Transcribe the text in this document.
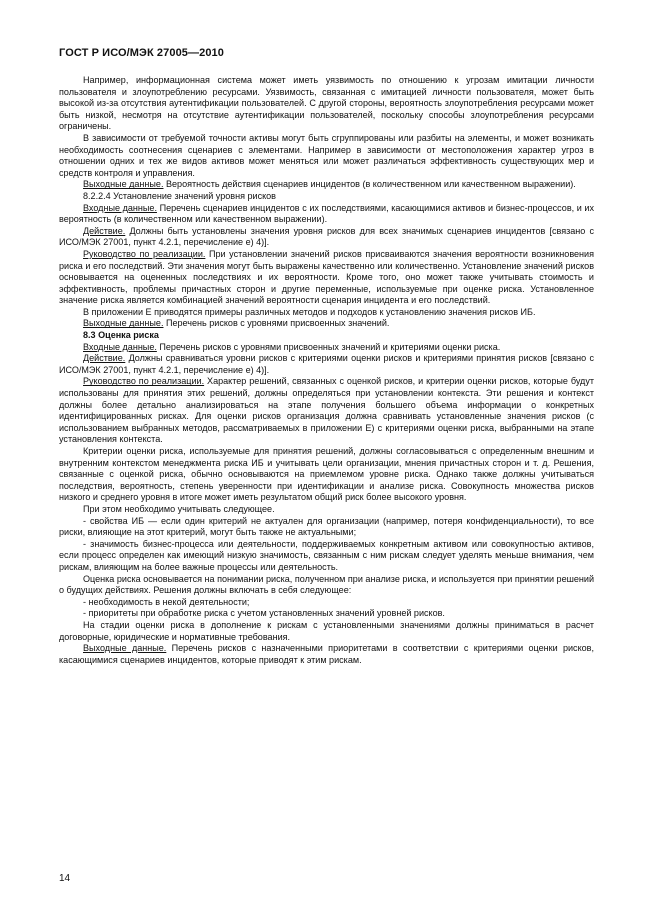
ГОСТ Р ИСО/МЭК 27005—2010

Например, информационная система может иметь уязвимость по отношению к угрозам имитации личности пользователя и злоупотреблению ресурсами. Уязвимость, связанная с имитацией личности пользователя, может быть высокой из-за отсутствия аутентификации пользователей. С другой стороны, вероятность злоупотребления ресурсами может быть низкой, несмотря на отсутствие аутентификации пользователей, поскольку способы злоупотребления ресурсами ограничены.

В зависимости от требуемой точности активы могут быть сгруппированы или разбиты на элементы, и может возникать необходимость соотнесения сценариев с элементами. Например в зависимости от местоположения характер угроз в отношении одних и тех же видов активов может меняться или может различаться эффективность существующих мер и средств контроля и управления.

Выходные данные. Вероятность действия сценариев инцидентов (в количественном или качественном выражении).

8.2.2.4 Установление значений уровня рисков

Входные данные. Перечень сценариев инцидентов с их последствиями, касающимися активов и бизнес-процессов, и их вероятность (в количественном или качественном выражении).

Действие. Должны быть установлены значения уровня рисков для всех значимых сценариев инцидентов [связано с ИСО/МЭК 27001, пункт 4.2.1, перечисление е) 4)].

Руководство по реализации. При установлении значений рисков присваиваются значения вероятности возникновения риска и его последствий. Эти значения могут быть выражены качественно или количественно. Установление значений рисков основывается на оцененных последствиях и их вероятности. Кроме того, оно может также учитывать стоимость и эффективность, проблемы причастных сторон и другие переменные, используемые при оценке риска. Установленное значение риска является комбинацией значений вероятности сценария инцидента и его последствий.

В приложении Е приводятся примеры различных методов и подходов к установлению значения рисков ИБ.

Выходные данные. Перечень рисков с уровнями присвоенных значений.

8.3 Оценка риска

Входные данные. Перечень рисков с уровнями присвоенных значений и критериями оценки риска.

Действие. Должны сравниваться уровни рисков с критериями оценки рисков и критериями принятия рисков [связано с ИСО/МЭК 27001, пункт 4.2.1, перечисление е) 4)].

Руководство по реализации. Характер решений, связанных с оценкой рисков, и критерии оценки рисков, которые будут использованы для принятия этих решений, должны определяться при установлении контекста. Эти решения и контекст должны более детально анализироваться на этапе получения большего объема информации о конкретных идентифицированных рисках. Для оценки рисков организация должна сравнивать установленные значения рисков (с использованием выбранных методов, рассматриваемых в приложении Е) с критериями оценки риска, выбранными на этапе установления контекста.

Критерии оценки риска, используемые для принятия решений, должны согласовываться с определенным внешним и внутренним контекстом менеджмента риска ИБ и учитывать цели организации, мнения причастных сторон и т. д. Решения, связанные с оценкой риска, обычно основываются на приемлемом уровне риска. Однако также должны учитываться последствия, вероятность, степень уверенности при идентификации и анализе риска. Совокупность множества рисков низкого и среднего уровня в итоге может иметь результатом общий риск более высокого уровня.

При этом необходимо учитывать следующее.

- свойства ИБ — если один критерий не актуален для организации (например, потеря конфиденциальности), то все риски, влияющие на этот критерий, могут быть также не актуальными;

- значимость бизнес-процесса или деятельности, поддерживаемых конкретным активом или совокупностью активов, если процесс определен как имеющий низкую значимость, связанным с ним рискам следует уделять меньше внимания, чем рискам, влияющим на более важные процессы или деятельность.

Оценка риска основывается на понимании риска, полученном при анализе риска, и используется при принятии решений о будущих действиях. Решения должны включать в себя следующее:

- необходимость в некой деятельности;

- приоритеты при обработке риска с учетом установленных значений уровней рисков.

На стадии оценки риска в дополнение к рискам с установленными значениями должны приниматься в расчет договорные, юридические и нормативные требования.

Выходные данные. Перечень рисков с назначенными приоритетами в соответствии с критериями оценки рисков, касающимися сценариев инцидентов, которые приводят к этим рискам.

14
